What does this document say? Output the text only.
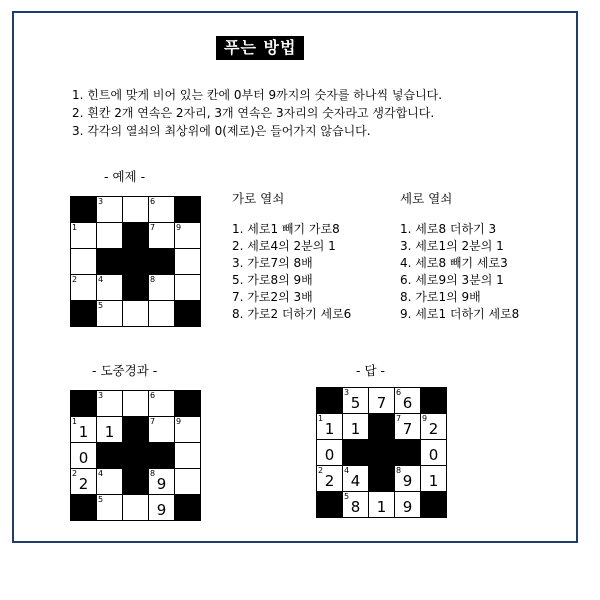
푸는 방법
1. 힌트에 맞게 비어 있는 칸에 0부터 9까지의 숫자를 하나씩 넣습니다.
2. 흰칸 2개 연속은 2자리, 3개 연속은 3자리의 숫자라고 생각합니다.
3. 각각의 열쇠의 최상위에 0(제로)은 들어가지 않습니다.
- 예제 -
- 도중경과 -	- 답 -
3	6
1	7	9
2	4	8
5
3	6
1
1	1
7	9
0
2
2
4	8
9
5
9
3
5	7
6
6
1
1	1
7
7
9
2
0	0
2
2
4
4
8
9	1
5
8	1	9
가로 열쇠
1. 세로1 빼기 가로8
2. 세로4의 2분의 1
3. 가로7의 8배
5. 가로8의 9배
7. 가로2의 3배
8. 가로2 더하기 세로6
세로 열쇠
1. 세로8 더하기 3
3. 세로1의 2분의 1
4. 세로8 빼기 세로3
6. 세로9의 3분의 1
8. 가로1의 9배
9. 세로1 더하기 세로8
